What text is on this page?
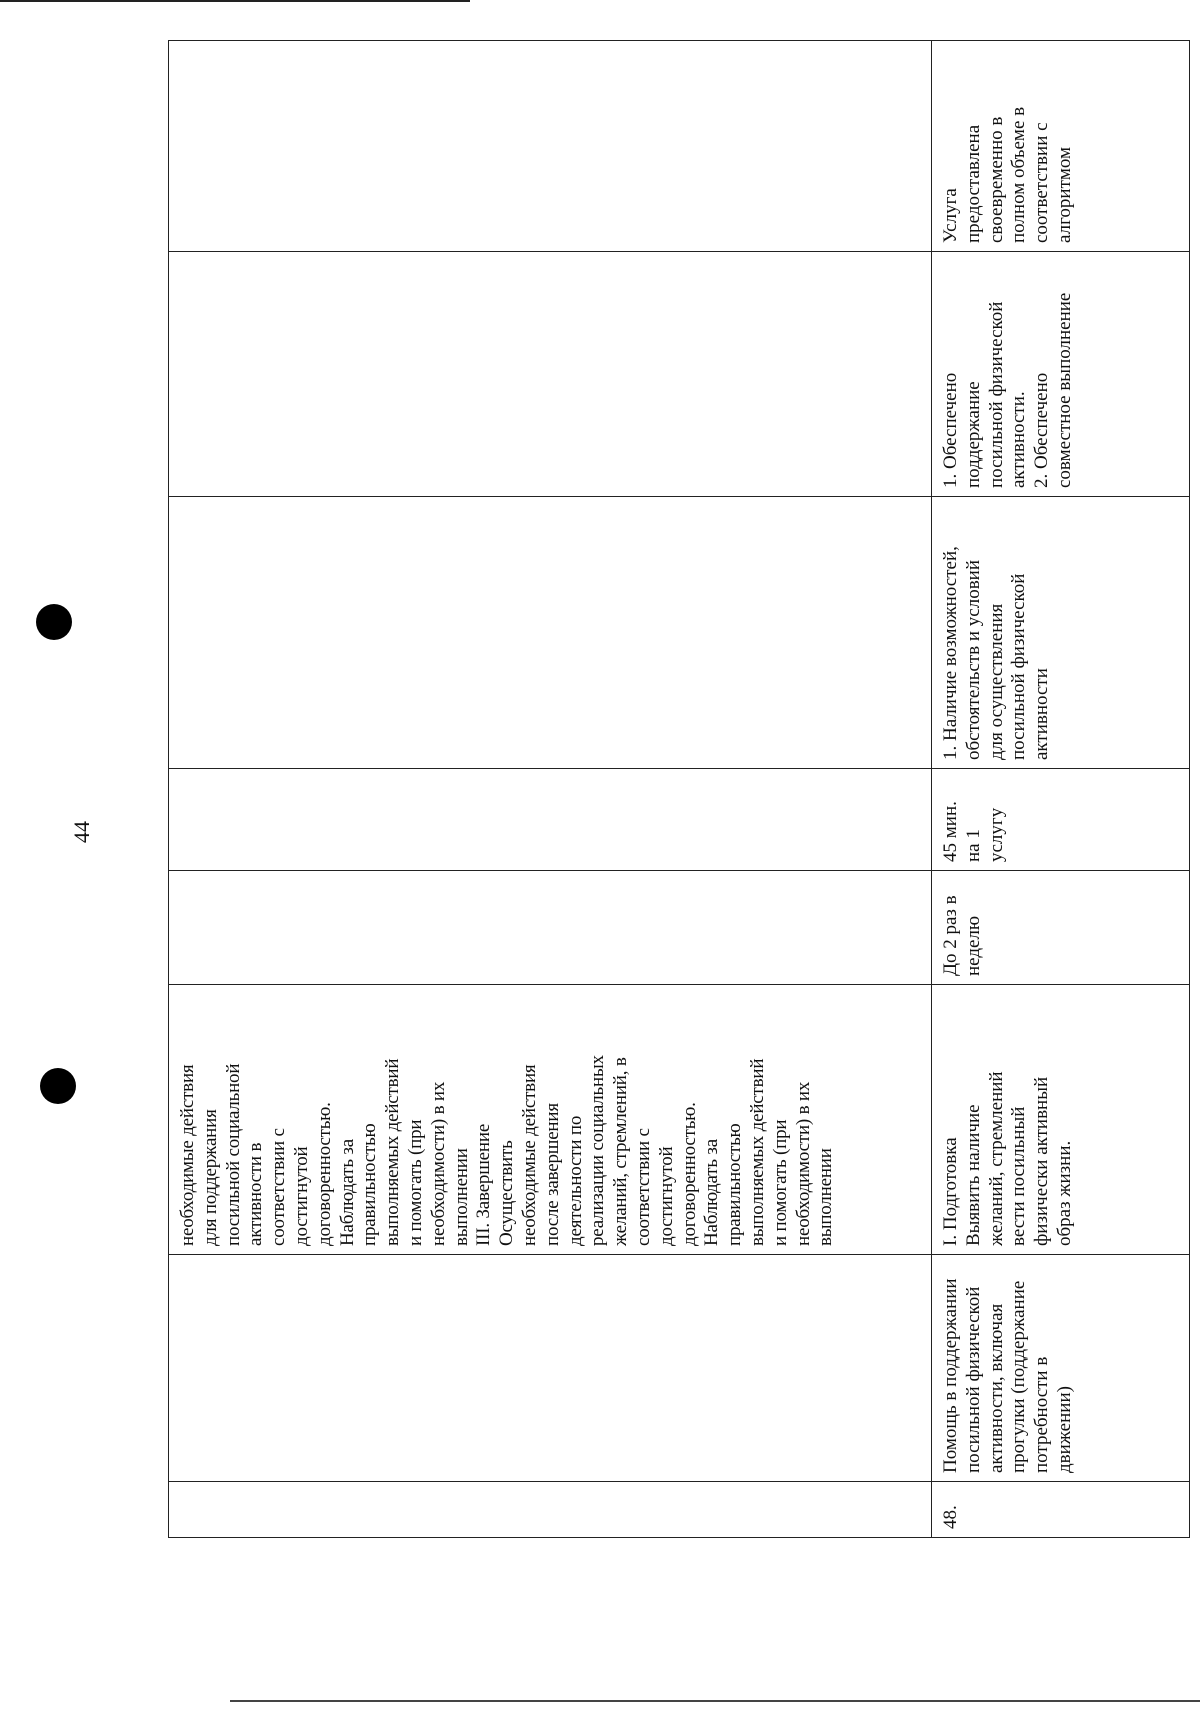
44
необходимые действия
для поддержания
посильной социальной
активности в
соответствии с
достигнутой
договоренностью.
Наблюдать за
правильностью
выполняемых действий
и помогать (при
необходимости) в их
выполнении
III. Завершение
Осуществить
необходимые действия
после завершения
деятельности по
реализации социальных
желаний, стремлений, в
соответствии с
достигнутой
договоренностью.
Наблюдать за
правильностью
выполняемых действий
и помогать (при
необходимости) в их
выполнении
48.
Помощь в поддержании
посильной физической
активности, включая
прогулки (поддержание
потребности в
движении)
I. Подготовка
Выявить наличие
желаний, стремлений
вести посильный
физически активный
образ жизни.
До 2 раз в
неделю
45 мин.
на 1
услугу
1. Наличие возможностей,
обстоятельств и условий
для осуществления
посильной физической
активности
1. Обеспечено
поддержание
посильной физической
активности.
2. Обеспечено
совместное выполнение
Услуга
предоставлена
своевременно в
полном объеме в
соответствии с
алгоритмом
